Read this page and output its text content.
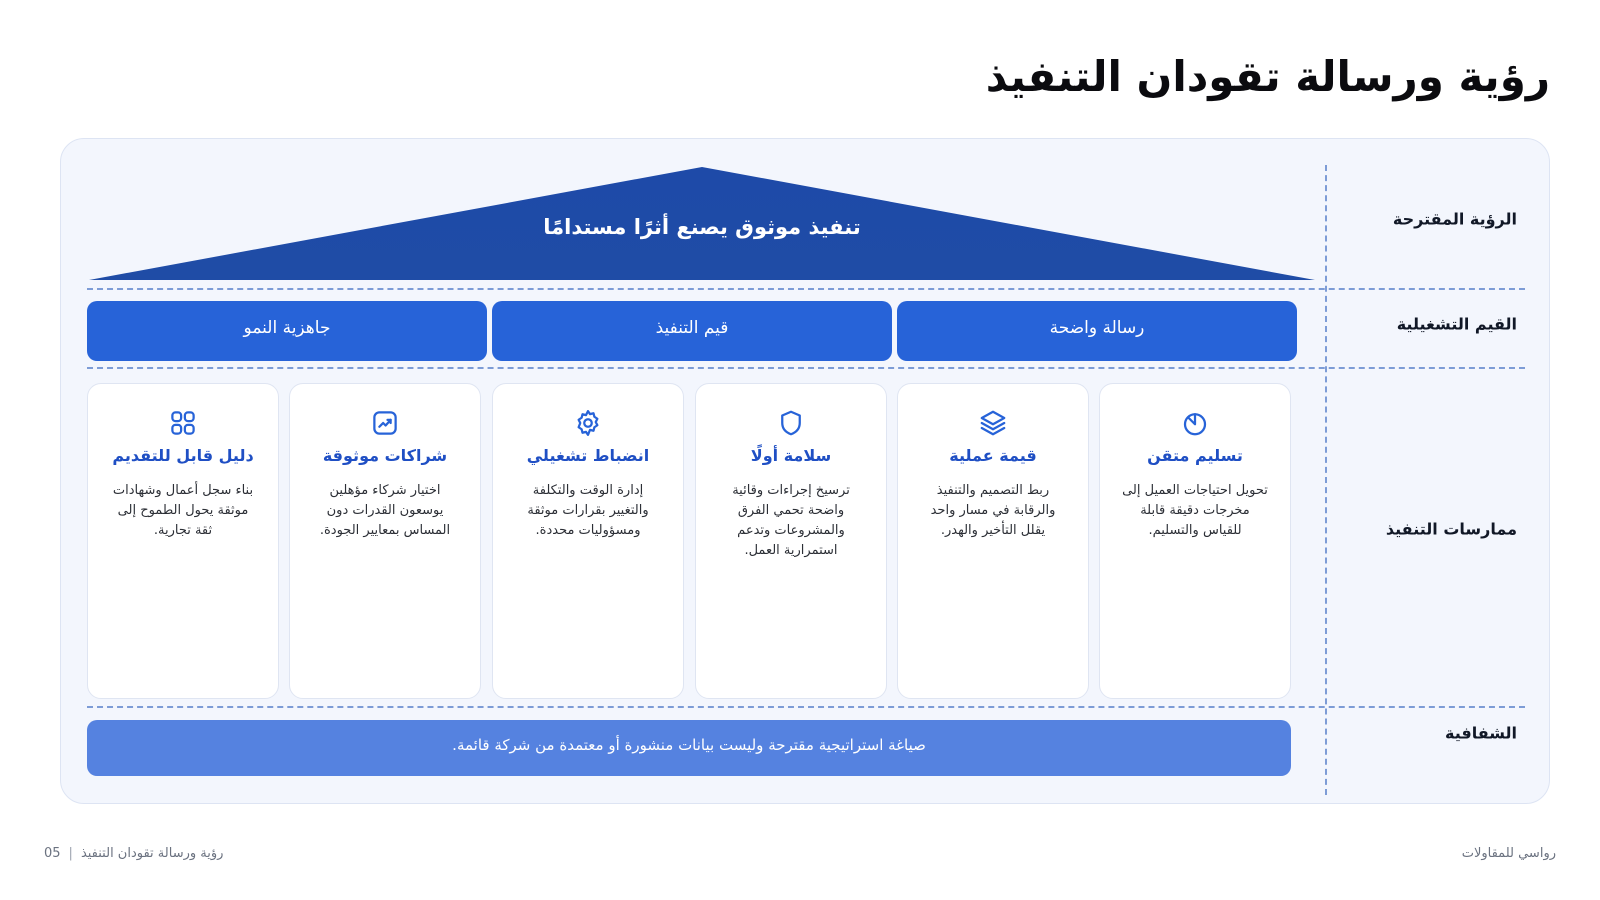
رؤية ورسالة تقودان التنفيذ
الرؤية المقترحة
القيم التشغيلية
ممارسات التنفيذ
الشفافية
تنفيذ موثوق يصنع أثرًا مستدامًا
جاهزية النمو	قيم التنفيذ	رسالة واضحة
تسليم متقن
تحويل احتياجات العميل إلى مخرجات دقيقة قابلة للقياس والتسليم.
قيمة عملية
ربط التصميم والتنفيذ والرقابة في مسار واحد يقلل التأخير والهدر.
سلامة أولًا
ترسيخ إجراءات وقائية واضحة تحمي الفرق والمشروعات وتدعم استمرارية العمل.
انضباط تشغيلي
إدارة الوقت والتكلفة والتغيير بقرارات موثقة ومسؤوليات محددة.
شراكات موثوقة
اختيار شركاء مؤهلين يوسعون القدرات دون المساس بمعايير الجودة.
دليل قابل للتقديم
بناء سجل أعمال وشهادات موثقة يحول الطموح إلى ثقة تجارية.
صياغة استراتيجية مقترحة وليست بيانات منشورة أو معتمدة من شركة قائمة.
رؤية ورسالة تقودان التنفيذ|05	رواسي للمقاولات
